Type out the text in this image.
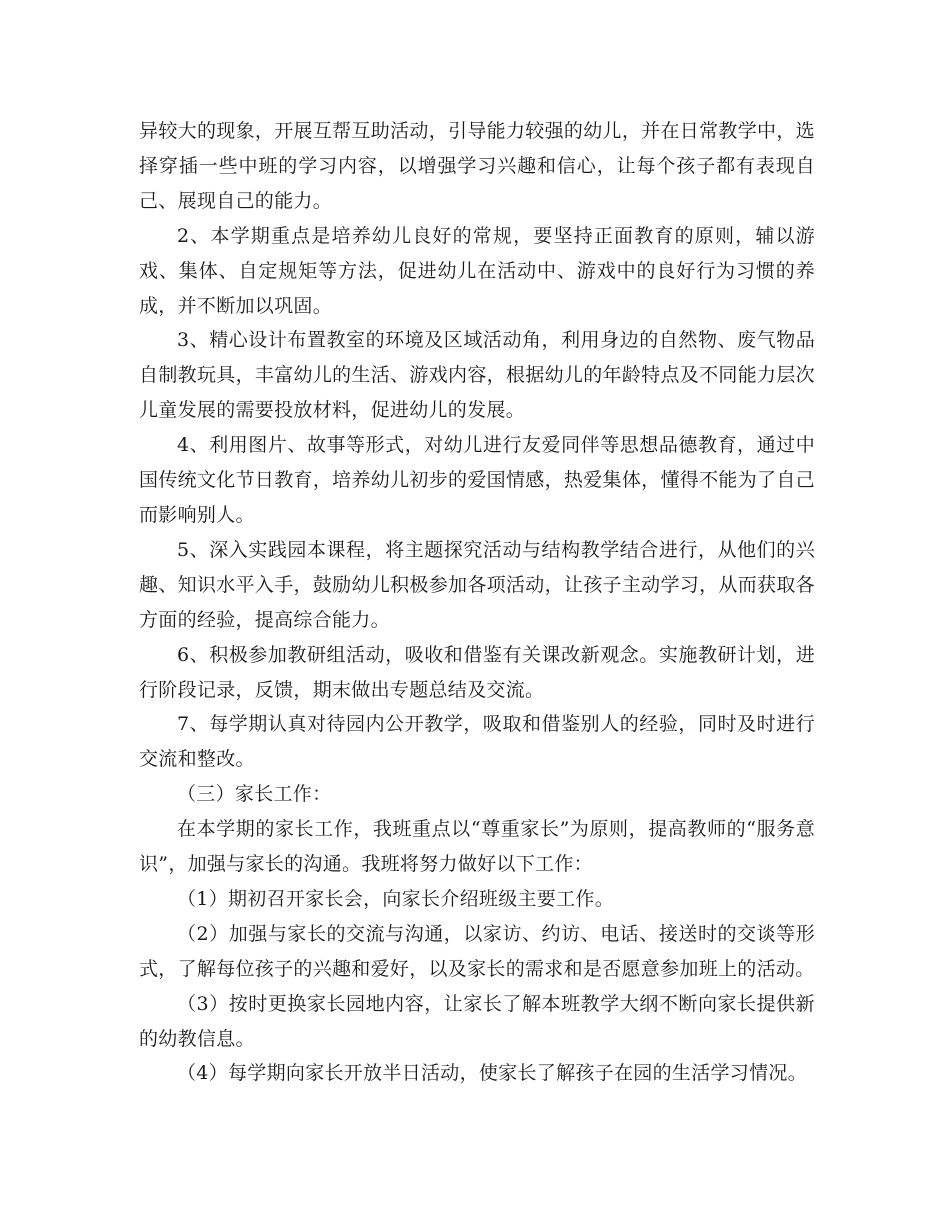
异较大的现象，开展互帮互助活动，引导能力较强的幼儿，并在日常教学中，选择穿插一些中班的学习内容，以增强学习兴趣和信心，让每个孩子都有表现自己、展现自己的能力。

2、本学期重点是培养幼儿良好的常规，要坚持正面教育的原则，辅以游戏、集体、自定规矩等方法，促进幼儿在活动中、游戏中的良好行为习惯的养成，并不断加以巩固。

3、精心设计布置教室的环境及区域活动角，利用身边的自然物、废气物品自制教玩具，丰富幼儿的生活、游戏内容，根据幼儿的年龄特点及不同能力层次儿童发展的需要投放材料，促进幼儿的发展。

4、利用图片、故事等形式，对幼儿进行友爱同伴等思想品德教育，通过中国传统文化节日教育，培养幼儿初步的爱国情感，热爱集体，懂得不能为了自己而影响别人。

5、深入实践园本课程，将主题探究活动与结构教学结合进行，从他们的兴趣、知识水平入手，鼓励幼儿积极参加各项活动，让孩子主动学习，从而获取各方面的经验，提高综合能力。

6、积极参加教研组活动，吸收和借鉴有关课改新观念。实施教研计划，进行阶段记录，反馈，期末做出专题总结及交流。

7、每学期认真对待园内公开教学，吸取和借鉴别人的经验，同时及时进行交流和整改。

（三）家长工作：

在本学期的家长工作，我班重点以“尊重家长”为原则，提高教师的“服务意识”，加强与家长的沟通。我班将努力做好以下工作：

（1）期初召开家长会，向家长介绍班级主要工作。

（2）加强与家长的交流与沟通，以家访、约访、电话、接送时的交谈等形式，了解每位孩子的兴趣和爱好，以及家长的需求和是否愿意参加班上的活动。

（3）按时更换家长园地内容，让家长了解本班教学大纲不断向家长提供新的幼教信息。

（4）每学期向家长开放半日活动，使家长了解孩子在园的生活学习情况。
